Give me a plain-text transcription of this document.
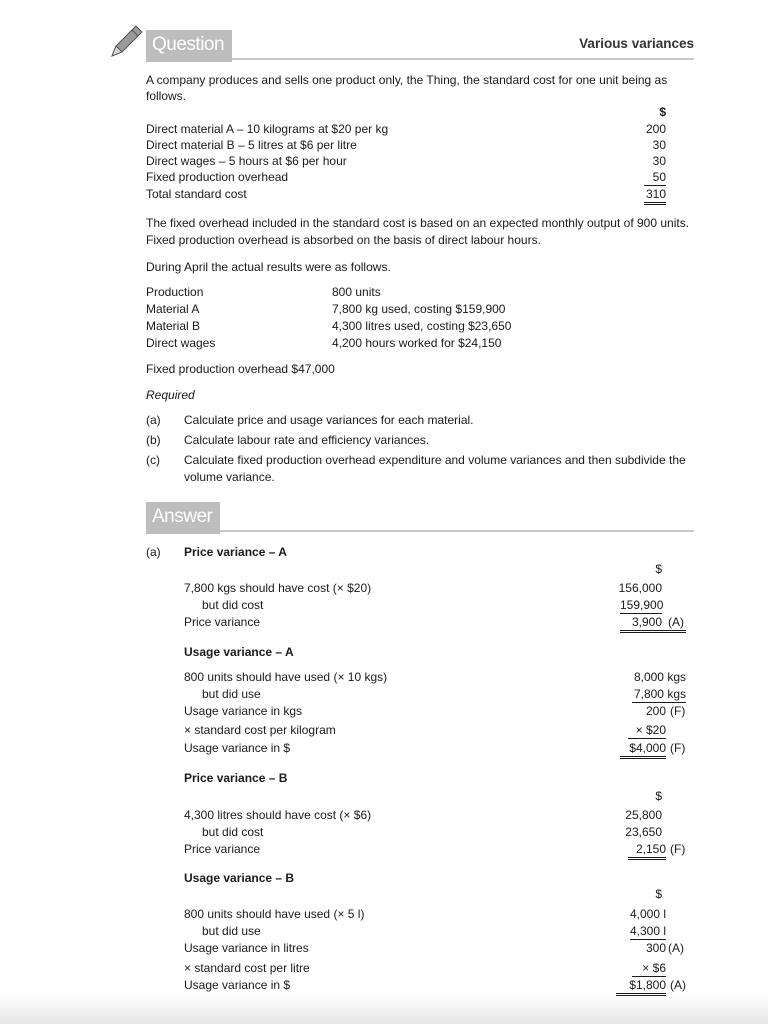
Question	Various variances
A company produces and sells one product only, the Thing, the standard cost for one unit being as
follows.
$
Direct material A – 10 kilograms at $20 per kg	200
Direct material B – 5 litres at $6 per litre	30
Direct wages – 5 hours at $6 per hour	30
Fixed production overhead	50
Total standard cost	310
The fixed overhead included in the standard cost is based on an expected monthly output of 900 units.
Fixed production overhead is absorbed on the basis of direct labour hours.
During April the actual results were as follows.
Production	800 units
Material A	7,800 kg used, costing $159,900
Material B	4,300 litres used, costing $23,650
Direct wages	4,200 hours worked for $24,150
Fixed production overhead $47,000
Required
(a) Calculate price and usage variances for each material.
(b) Calculate labour rate and efficiency variances.
(c) Calculate fixed production overhead expenditure and volume variances and then subdivide the
volume variance.
Answer
(a) Price variance – A
$
7,800 kgs should have cost (× $20)	156,000
but did cost	159,900
Price variance	3,900 (A)
Usage variance – A
800 units should have used (× 10 kgs)	8,000 kgs
but did use	7,800 kgs
Usage variance in kgs	200 (F)
× standard cost per kilogram	× $20
Usage variance in $	$4,000 (F)
Price variance – B
$
4,300 litres should have cost (× $6)	25,800
but did cost	23,650
Price variance	2,150 (F)
Usage variance – B
$
800 units should have used (× 5 l)	4,000 l
but did use	4,300 l
Usage variance in litres	300 (A)
× standard cost per litre	× $6
Usage variance in $	$1,800 (A)
